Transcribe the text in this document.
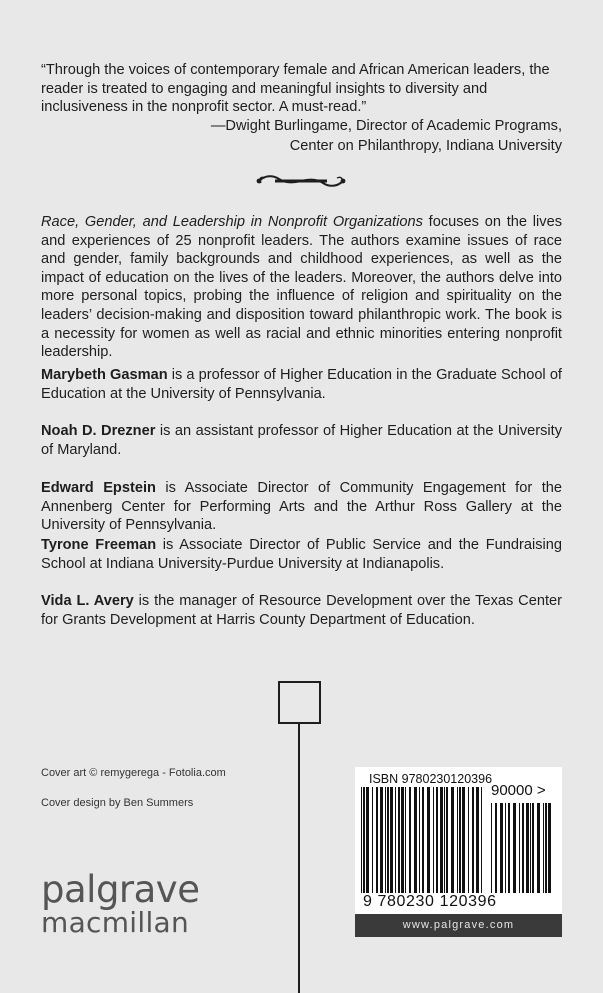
“Through the voices of contemporary female and African American leaders, the reader is treated to engaging and meaningful insights to diversity and inclusiveness in the nonprofit sector. A must-read.”

—Dwight Burlingame, Director of Academic Programs,
Center on Philanthropy, Indiana University

Race, Gender, and Leadership in Nonprofit Organizations focuses on the lives and experiences of 25 nonprofit leaders. The authors examine issues of race and gender, family backgrounds and childhood experiences, as well as the impact of education on the lives of the leaders. Moreover, the authors delve into more personal topics, probing the influence of religion and spirituality on the leaders’ decision-making and disposition toward philanthropic work. The book is a necessity for women as well as racial and ethnic minorities entering nonprofit leadership.

Marybeth Gasman is a professor of Higher Education in the Graduate School of Education at the University of Pennsylvania.

Noah D. Drezner is an assistant professor of Higher Education at the University of Maryland.

Edward Epstein is Associate Director of Community Engagement for the Annenberg Center for Performing Arts and the Arthur Ross Gallery at the University of Pennsylvania.

Tyrone Freeman is Associate Director of Public Service and the Fundraising School at Indiana University-Purdue University at Indianapolis.

Vida L. Avery is the manager of Resource Development over the Texas Center for Grants Development at Harris County Department of Education.

Cover art © remygerega - Fotolia.com
Cover design by Ben Summers
palgrave
macmillan
ISBN 9780230120396
90000 >
9 780230 120396
www.palgrave.com
